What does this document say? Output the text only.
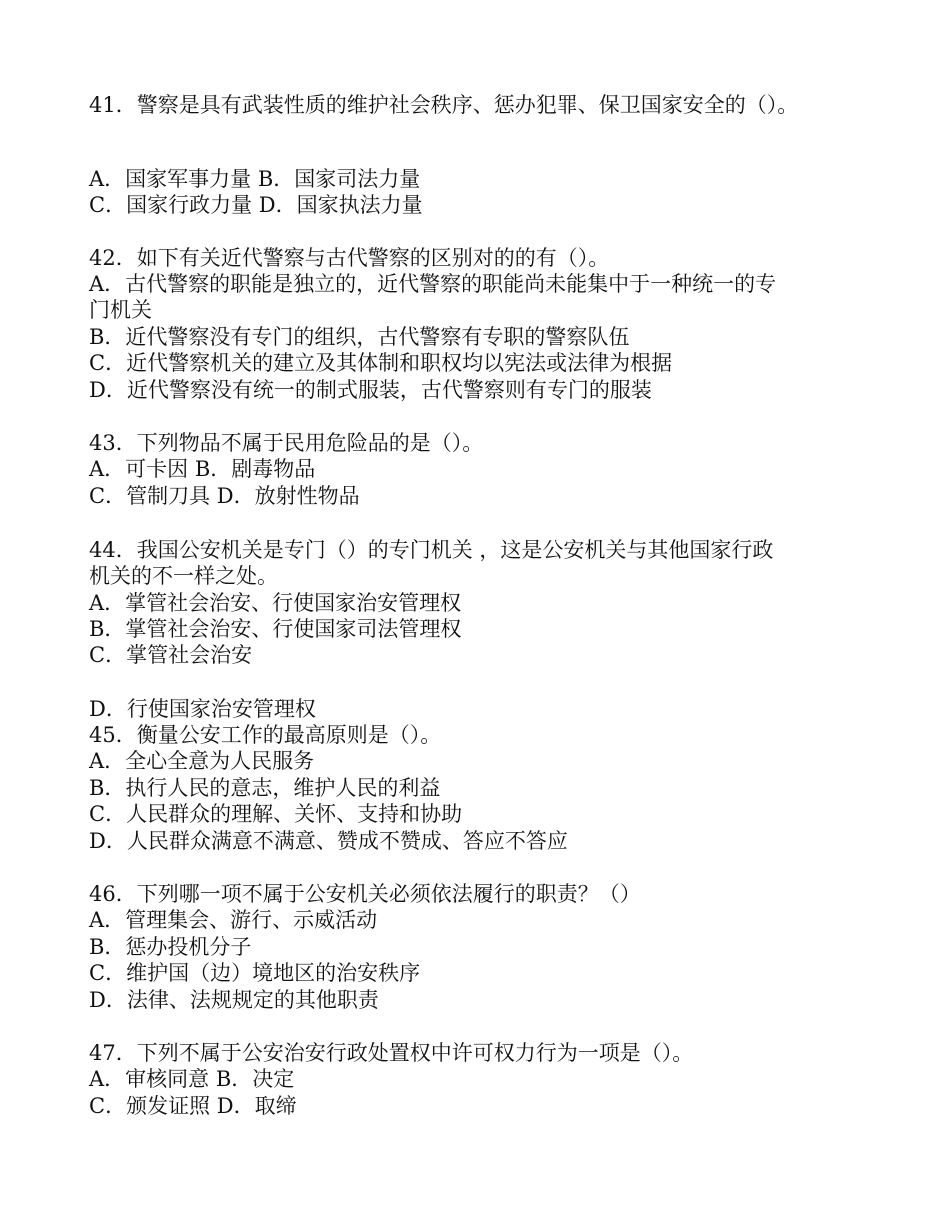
41．警察是具有武装性质的维护社会秩序、惩办犯罪、保卫国家安全的（）。
A．国家军事力量 B．国家司法力量
C．国家行政力量 D．国家执法力量
42．如下有关近代警察与古代警察的区别对的的有（）。
A．古代警察的职能是独立的，近代警察的职能尚未能集中于一种统一的专
门机关
B．近代警察没有专门的组织，古代警察有专职的警察队伍
C．近代警察机关的建立及其体制和职权均以宪法或法律为根据
D．近代警察没有统一的制式服装，古代警察则有专门的服装
43．下列物品不属于民用危险品的是（）。
A．可卡因 B．剧毒物品
C．管制刀具 D．放射性物品
44．我国公安机关是专门（）的专门机关 ，这是公安机关与其他国家行政
机关的不一样之处。
A．掌管社会治安、行使国家治安管理权
B．掌管社会治安、行使国家司法管理权
C．掌管社会治安
D．行使国家治安管理权
45．衡量公安工作的最高原则是（）。
A．全心全意为人民服务
B．执行人民的意志，维护人民的利益
C．人民群众的理解、关怀、支持和协助
D．人民群众满意不满意、赞成不赞成、答应不答应
46．下列哪一项不属于公安机关必须依法履行的职责？（）
A．管理集会、游行、示威活动
B．惩办投机分子
C．维护国（边）境地区的治安秩序
D．法律、法规规定的其他职责
47．下列不属于公安治安行政处置权中许可权力行为一项是（）。
A．审核同意 B．决定
C．颁发证照 D．取缔
